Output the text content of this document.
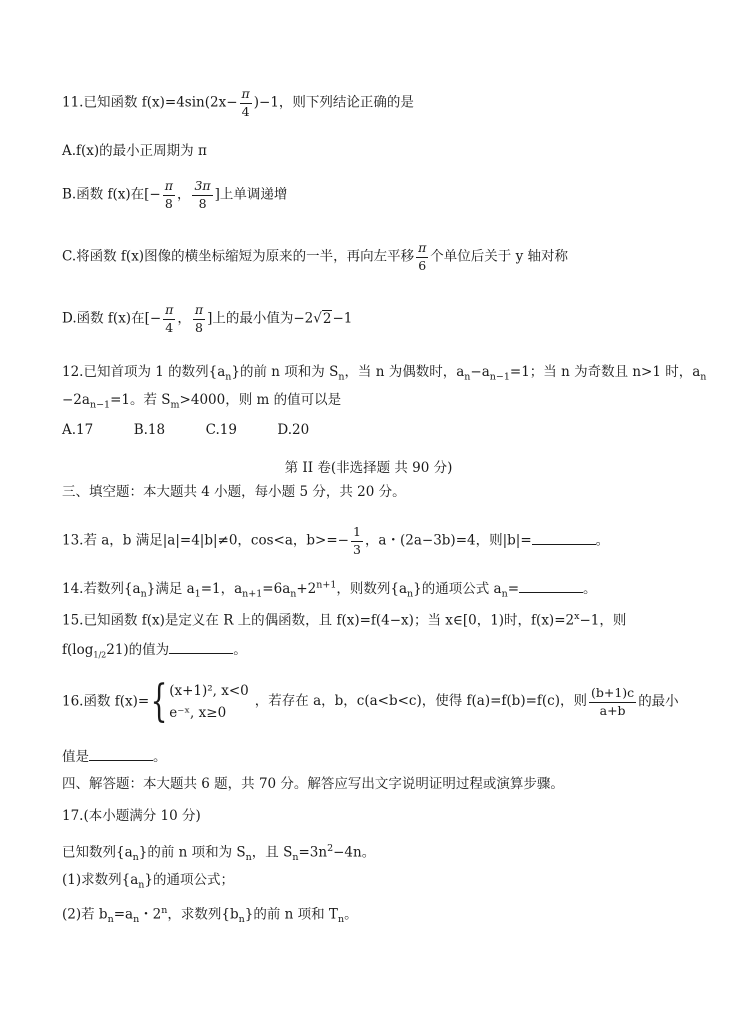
11.已知函数 $f(x)=4\sin(2x- \frac{\pi}{4} )-1$，则下列结论正确的是
A.f(x)的最小正周期为 π
B.函数 f(x)在[− $\frac{\pi}{8}$ ， $\frac{3\pi}{8}$ ]上单调递增
C.将函数 f(x)图像的横坐标缩短为原来的一半，再向左平移 $\frac{\pi}{6}$ 个单位后关于 y 轴对称
D.函数 f(x)在[− $\frac{\pi}{4}$ ， $\frac{\pi}{8}$ ]上的最小值为−2√2−1
12.已知首项为 1 的数列$\{a_n\}$的前 n 项和为 $S_n$，当 n 为偶数时，$a_n-a_{n-1}=1$；当 n 为奇数且 n>1 时，$a_n$
$-2a_{n-1}=1$。若 $S_m>4000$，则 m 的值可以是
A.17　　　B.18　　　C.19　　　D.20
第 II 卷(非选择题 共 90 分)
三、填空题：本大题共 4 小题，每小题 5 分，共 20 分。
13.若 a，b 满足|a|=4|b|≠0，cos<a，$b>=- \frac{1}{3}$ ，a・(2a−3b)=4，则|b|=	。
14.若数列$\{a_n\}$满足 $a_1=1$，$a_{n+1}=6a_n+2^{n+1}$，则数列$\{a_n\}$的通项公式 $a_n=$	。
15.已知函数 f(x)是定义在 R 上的偶函数，且 f(x)=f(4−x)；当 x∈[0，1)时，$f(x)=2^x-1$，则
$f(\log_{1/2}21)$的值为	。
16.函数 f(x)={ (x+1)², x<0
e⁻ˣ, x≥0
，若存在 a，b，c(a<b<c)，使得 f(a)=f(b)=f(c)，则 $\frac{(b+1)c}{a+b}$ 的最小
值是	。
四、解答题：本大题共 6 题，共 70 分。解答应写出文字说明证明过程或演算步骤。
17.(本小题满分 10 分)
已知数列$\{a_n\}$的前 n 项和为 $S_n$，且 $S_n=3n^2-4n$。
(1)求数列$\{a_n\}$的通项公式；
(2)若 $b_n=a_n$・2$^n$，求数列$\{b_n\}$的前 n 项和 $T_n$。
